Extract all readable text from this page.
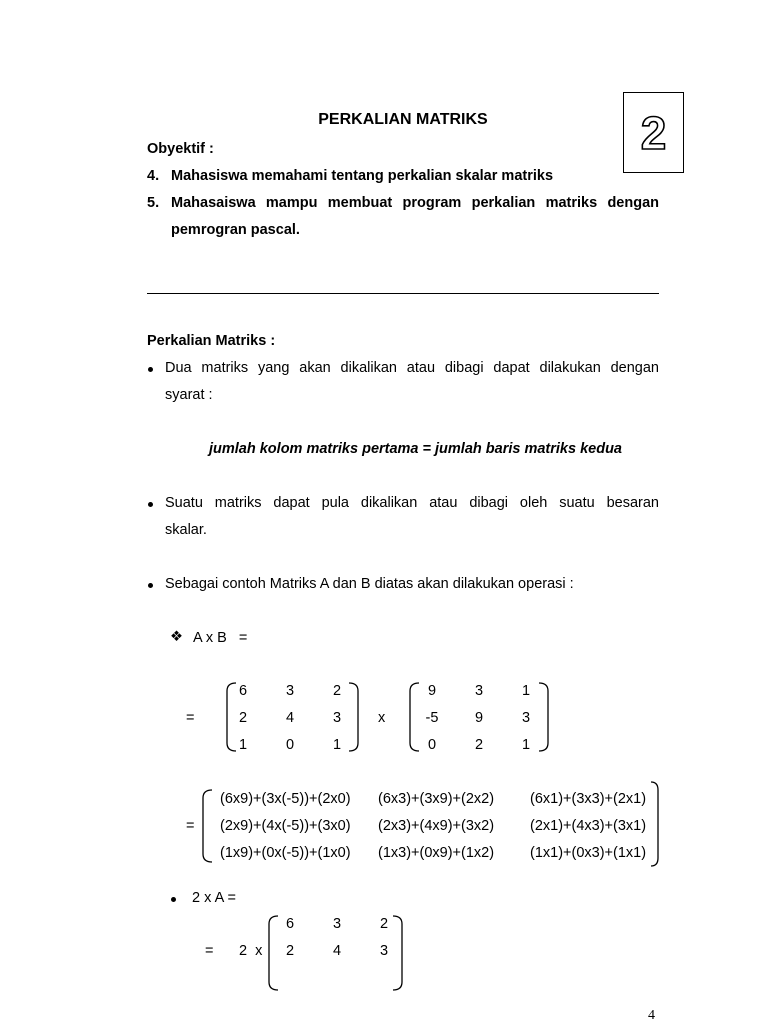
PERKALIAN MATRIKS	2
Obyektif :
4. Mahasiswa memahami tentang perkalian skalar matriks
5. Mahasaiswa mampu membuat program perkalian matriks dengan
pemrogran pascal.
Perkalian Matriks :
Dua matriks yang akan dikalikan atau dibagi dapat dilakukan dengan
syarat :
jumlah kolom matriks pertama = jumlah baris matriks kedua
Suatu matriks dapat pula dikalikan atau dibagi oleh suatu besaran
skalar.
Sebagai contoh Matriks A dan B diatas akan dilakukan operasi :
❖ A x B   =
=
6	3	2
2	4	3
1	0	1
x
9	3	1
-5	9	3
0	2	1
=
(6x9)+(3x(-5))+(2x0)	(6x3)+(3x9)+(2x2)	(6x1)+(3x3)+(2x1)
(2x9)+(4x(-5))+(3x0)	(2x3)+(4x9)+(3x2)	(2x1)+(4x3)+(3x1)
(1x9)+(0x(-5))+(1x0)	(1x3)+(0x9)+(1x2)	(1x1)+(0x3)+(1x1)
2 x A =
= 2  x
6	3	2
2	4	3
4
